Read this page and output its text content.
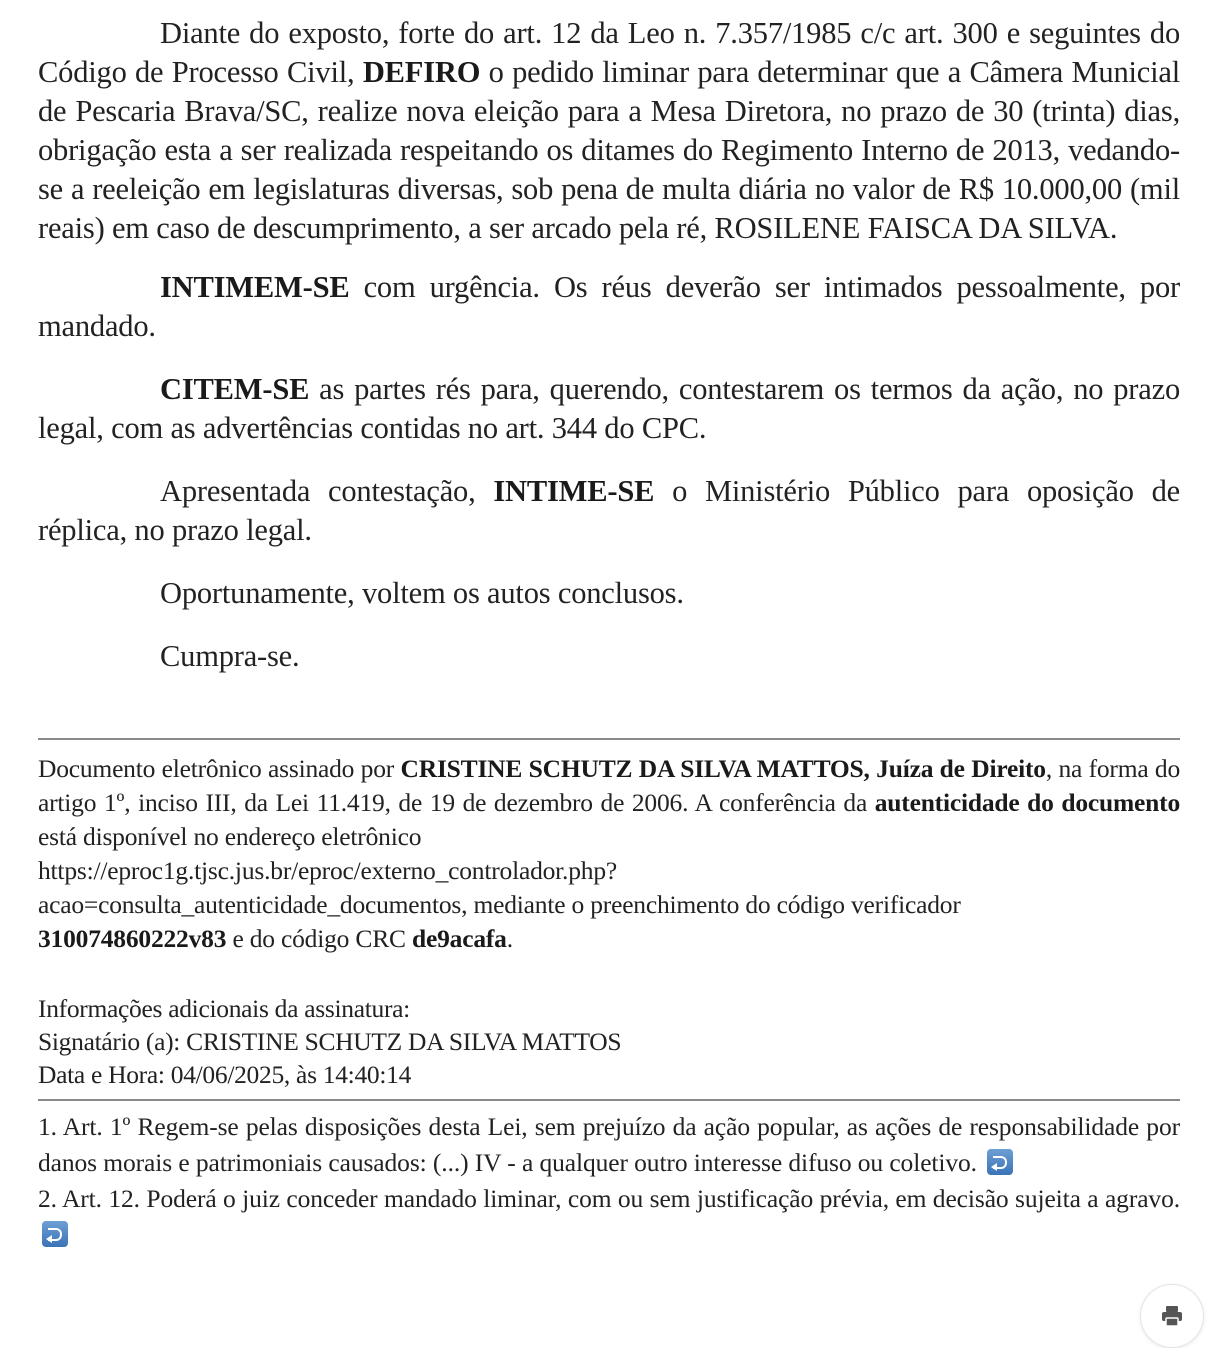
Diante do exposto, forte do art. 12 da Leo n. 7.357/1985 c/c art. 300 e seguintes do Código de Processo Civil, DEFIRO o pedido liminar para determinar que a Câmera Municial de Pescaria Brava/SC, realize nova eleição para a Mesa Diretora, no prazo de 30 (trinta) dias, obrigação esta a ser realizada respeitando os ditames do Regimento Interno de 2013, vedando-se a reeleição em legislaturas diversas, sob pena de multa diária no valor de R$ 10.000,00 (mil reais) em caso de descumprimento, a ser arcado pela ré, ROSILENE FAISCA DA SILVA.

INTIMEM-SE com urgência. Os réus deverão ser intimados pessoalmente, por mandado.

CITEM-SE as partes rés para, querendo, contestarem os termos da ação, no prazo legal, com as advertências contidas no art. 344 do CPC.

Apresentada contestação, INTIME-SE o Ministério Público para oposição de réplica, no prazo legal.

Oportunamente, voltem os autos conclusos.

Cumpra-se.

Documento eletrônico assinado por CRISTINE SCHUTZ DA SILVA MATTOS, Juíza de Direito, na forma do artigo 1º, inciso III, da Lei 11.419, de 19 de dezembro de 2006. A conferência da autenticidade do documento está disponível no endereço eletrônico
https://eproc1g.tjsc.jus.br/eproc/externo_controlador.php?
acao=consulta_autenticidade_documentos, mediante o preenchimento do código verificador
310074860222v83 e do código CRC de9acafa.
Informações adicionais da assinatura:
Signatário (a): CRISTINE SCHUTZ DA SILVA MATTOS
Data e Hora: 04/06/2025, às 14:40:14

1. Art. 1º Regem-se pelas disposições desta Lei, sem prejuízo da ação popular, as ações de responsabilidade por danos morais e patrimoniais causados: (...) IV - a qualquer outro interesse difuso ou coletivo.

2. Art. 12. Poderá o juiz conceder mandado liminar, com ou sem justificação prévia, em decisão sujeita a agravo.
